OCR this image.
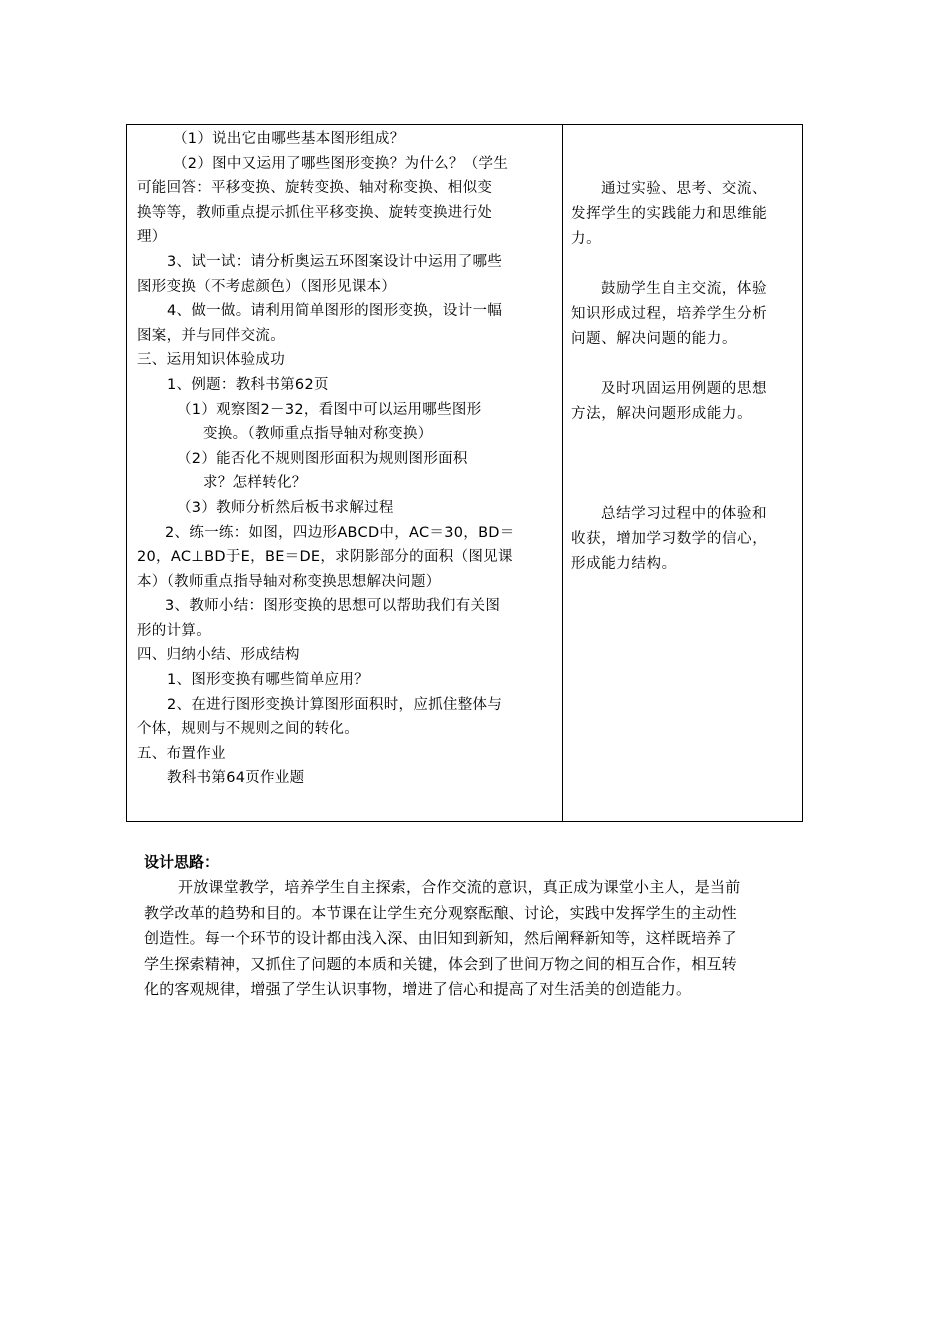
（1）说出它由哪些基本图形组成？
（2）图中又运用了哪些图形变换？为什么？（学生
可能回答：平移变换、旋转变换、轴对称变换、相似变
换等等，教师重点提示抓住平移变换、旋转变换进行处
理）
3、试一试：请分析奥运五环图案设计中运用了哪些
图形变换（不考虑颜色）（图形见课本）
4、做一做。请利用简单图形的图形变换，设计一幅
图案，并与同伴交流。
三、运用知识体验成功
1、例题：教科书第62页
（1）观察图2－32，看图中可以运用哪些图形
变换。（教师重点指导轴对称变换）
（2）能否化不规则图形面积为规则图形面积
求？怎样转化？
（3）教师分析然后板书求解过程
2、练一练：如图，四边形ABCD中，AC＝30，BD＝
20，AC⊥BD于E，BE＝DE，求阴影部分的面积（图见课
本）（教师重点指导轴对称变换思想解决问题）
3、教师小结：图形变换的思想可以帮助我们有关图
形的计算。
四、归纳小结、形成结构
1、图形变换有哪些简单应用？
2、在进行图形变换计算图形面积时，应抓住整体与
个体，规则与不规则之间的转化。
五、布置作业
教科书第64页作业题
通过实验、思考、交流、
发挥学生的实践能力和思维能
力。
鼓励学生自主交流，体验
知识形成过程，培养学生分析
问题、解决问题的能力。
及时巩固运用例题的思想
方法，解决问题形成能力。
总结学习过程中的体验和
收获，增加学习数学的信心，
形成能力结构。
设计思路：
开放课堂教学，培养学生自主探索，合作交流的意识，真正成为课堂小主人，是当前
教学改革的趋势和目的。本节课在让学生充分观察酝酿、讨论，实践中发挥学生的主动性
创造性。每一个环节的设计都由浅入深、由旧知到新知，然后阐释新知等，这样既培养了
学生探索精神，又抓住了问题的本质和关键，体会到了世间万物之间的相互合作，相互转
化的客观规律，增强了学生认识事物，增进了信心和提高了对生活美的创造能力。
